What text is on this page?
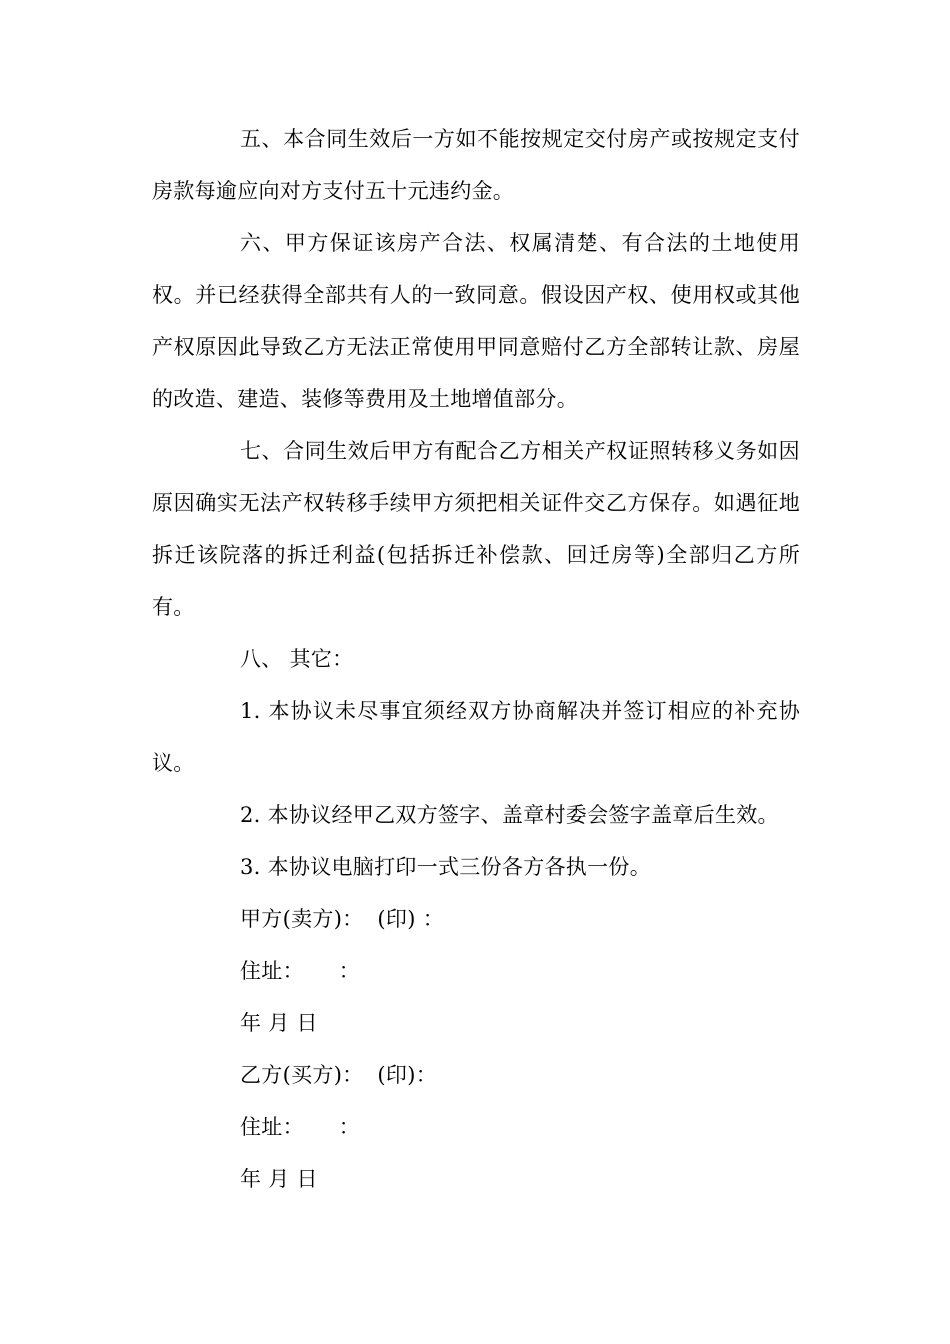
五、本合同生效后一方如不能按规定交付房产或按规定支付房款每逾应向对方支付五十元违约金。

六、甲方保证该房产合法、权属清楚、有合法的土地使用权。并已经获得全部共有人的一致同意。假设因产权、使用权或其他产权原因此导致乙方无法正常使用甲同意赔付乙方全部转让款、房屋的改造、建造、装修等费用及土地增值部分。

七、合同生效后甲方有配合乙方相关产权证照转移义务如因原因确实无法产权转移手续甲方须把相关证件交乙方保存。如遇征地拆迁该院落的拆迁利益(包括拆迁补偿款、回迁房等)全部归乙方所有。

八、 其它：

1. 本协议未尽事宜须经双方协商解决并签订相应的补充协议。

2. 本协议经甲乙双方签字、盖章村委会签字盖章后生效。

3. 本协议电脑打印一式三份各方各执一份。

甲方(卖方)：  (印) ：

住址：     ：

年 月 日

乙方(买方)：  (印)：

住址：     ：

年 月 日
